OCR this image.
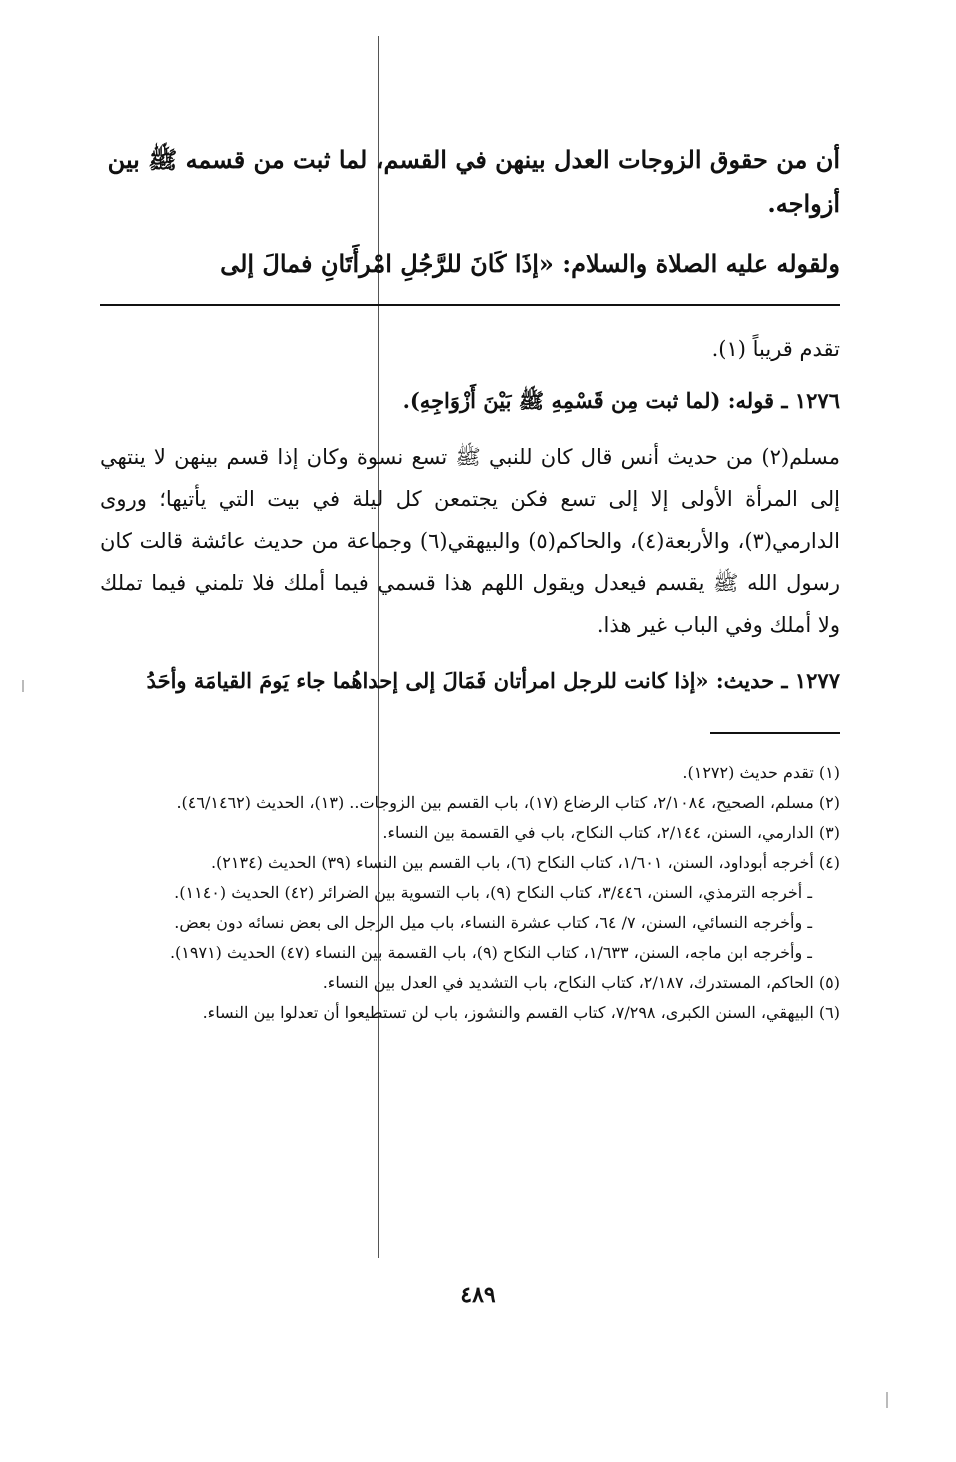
أن من حقوق الزوجات العدل بينهن في القسم، لما ثبت من قسمه ﷺ بين أزواجه.

ولقوله عليه الصلاة والسلام: «إذَا كَانَ للرَّجُلِ امْرأَتَانِ فمالَ إلى

تقدم قريباً (١).

١٢٧٦ ـ قوله: (لما ثبت مِن قَسْمِهِ ﷺ بَيْنَ أَزْوَاجِهِ).

مسلم(٢) من حديث أنس قال كان للنبي ﷺ تسع نسوة وكان إذا قسم بينهن لا ينتهي إلى المرأة الأولى إلا إلى تسع فكن يجتمعن كل ليلة في بيت التي يأتيها؛ وروى الدارمي(٣)، والأربعة(٤)، والحاكم(٥) والبيهقي(٦) وجماعة من حديث عائشة قالت كان رسول الله ﷺ يقسم فيعدل ويقول اللهم هذا قسمي فيما أملك فلا تلمني فيما تملك ولا أملك وفي الباب غير هذا.

١٢٧٧ ـ حديث: «إذا كانت للرجل امرأتان فَمَالَ إلى إحداهُما جاء يَومَ القيامَة وأحَدُ

(١) تقدم حديث (١٢٧٢).

(٢) مسلم، الصحيح، ٢/١٠٨٤، كتاب الرضاع (١٧)، باب القسم بين الزوجات.. (١٣)، الحديث (٤٦/١٤٦٢).

(٣) الدارمي، السنن، ٢/١٤٤، كتاب النكاح، باب في القسمة بين النساء.

(٤) أخرجه أبوداود، السنن، ١/٦٠١، كتاب النكاح (٦)، باب القسم بين النساء (٣٩) الحديث (٢١٣٤).

ـ أخرجه الترمذي، السنن، ٣/٤٤٦، كتاب النكاح (٩)، باب التسوية بين الضرائر (٤٢) الحديث (١١٤٠).

ـ وأخرجه النسائي، السنن، ٧/ ٦٤، كتاب عشرة النساء، باب ميل الرجل الى بعض نسائه دون بعض.

ـ وأخرجه ابن ماجه، السنن، ١/٦٣٣، كتاب النكاح (٩)، باب القسمة بين النساء (٤٧) الحديث (١٩٧١).

(٥) الحاكم، المستدرك، ٢/١٨٧، كتاب النكاح، باب التشديد في العدل بين النساء.

(٦) البيهقي، السنن الكبرى، ٧/٢٩٨، كتاب القسم والنشوز، باب لن تستطيعوا أن تعدلوا بين النساء.

٤٨٩
